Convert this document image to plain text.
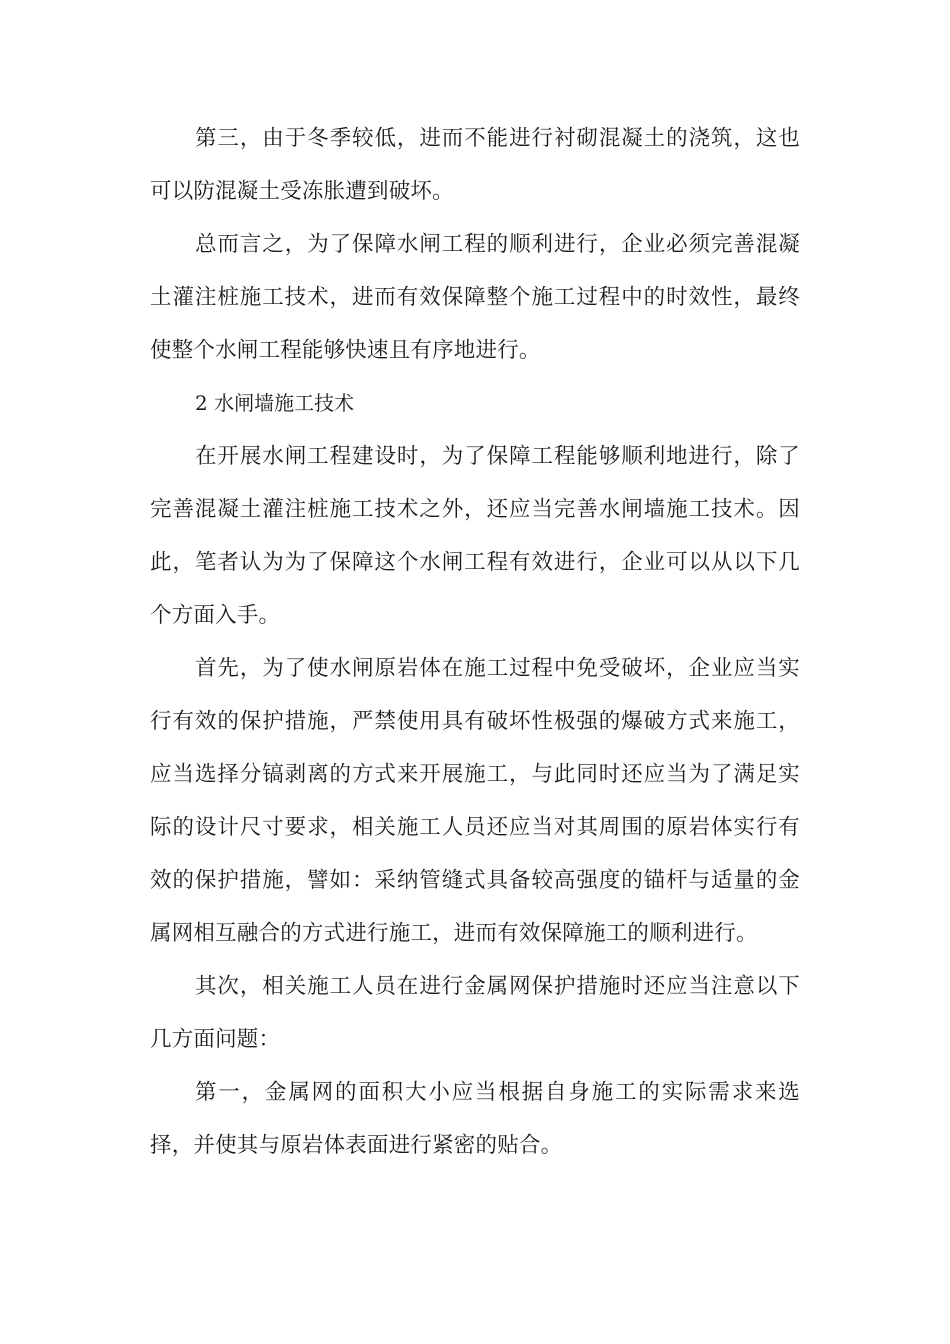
第三，由于冬季较低，进而不能进行衬砌混凝土的浇筑，这也可以防混凝土受冻胀遭到破坏。

总而言之，为了保障水闸工程的顺利进行，企业必须完善混凝土灌注桩施工技术，进而有效保障整个施工过程中的时效性，最终使整个水闸工程能够快速且有序地进行。

2 水闸墙施工技术

在开展水闸工程建设时，为了保障工程能够顺利地进行，除了完善混凝土灌注桩施工技术之外，还应当完善水闸墙施工技术。因此，笔者认为为了保障这个水闸工程有效进行，企业可以从以下几个方面入手。

首先，为了使水闸原岩体在施工过程中免受破坏，企业应当实行有效的保护措施，严禁使用具有破坏性极强的爆破方式来施工，应当选择分镐剥离的方式来开展施工，与此同时还应当为了满足实际的设计尺寸要求，相关施工人员还应当对其周围的原岩体实行有效的保护措施，譬如：采纳管缝式具备较高强度的锚杆与适量的金属网相互融合的方式进行施工，进而有效保障施工的顺利进行。

其次，相关施工人员在进行金属网保护措施时还应当注意以下几方面问题：

第一，金属网的面积大小应当根据自身施工的实际需求来选择，并使其与原岩体表面进行紧密的贴合。
